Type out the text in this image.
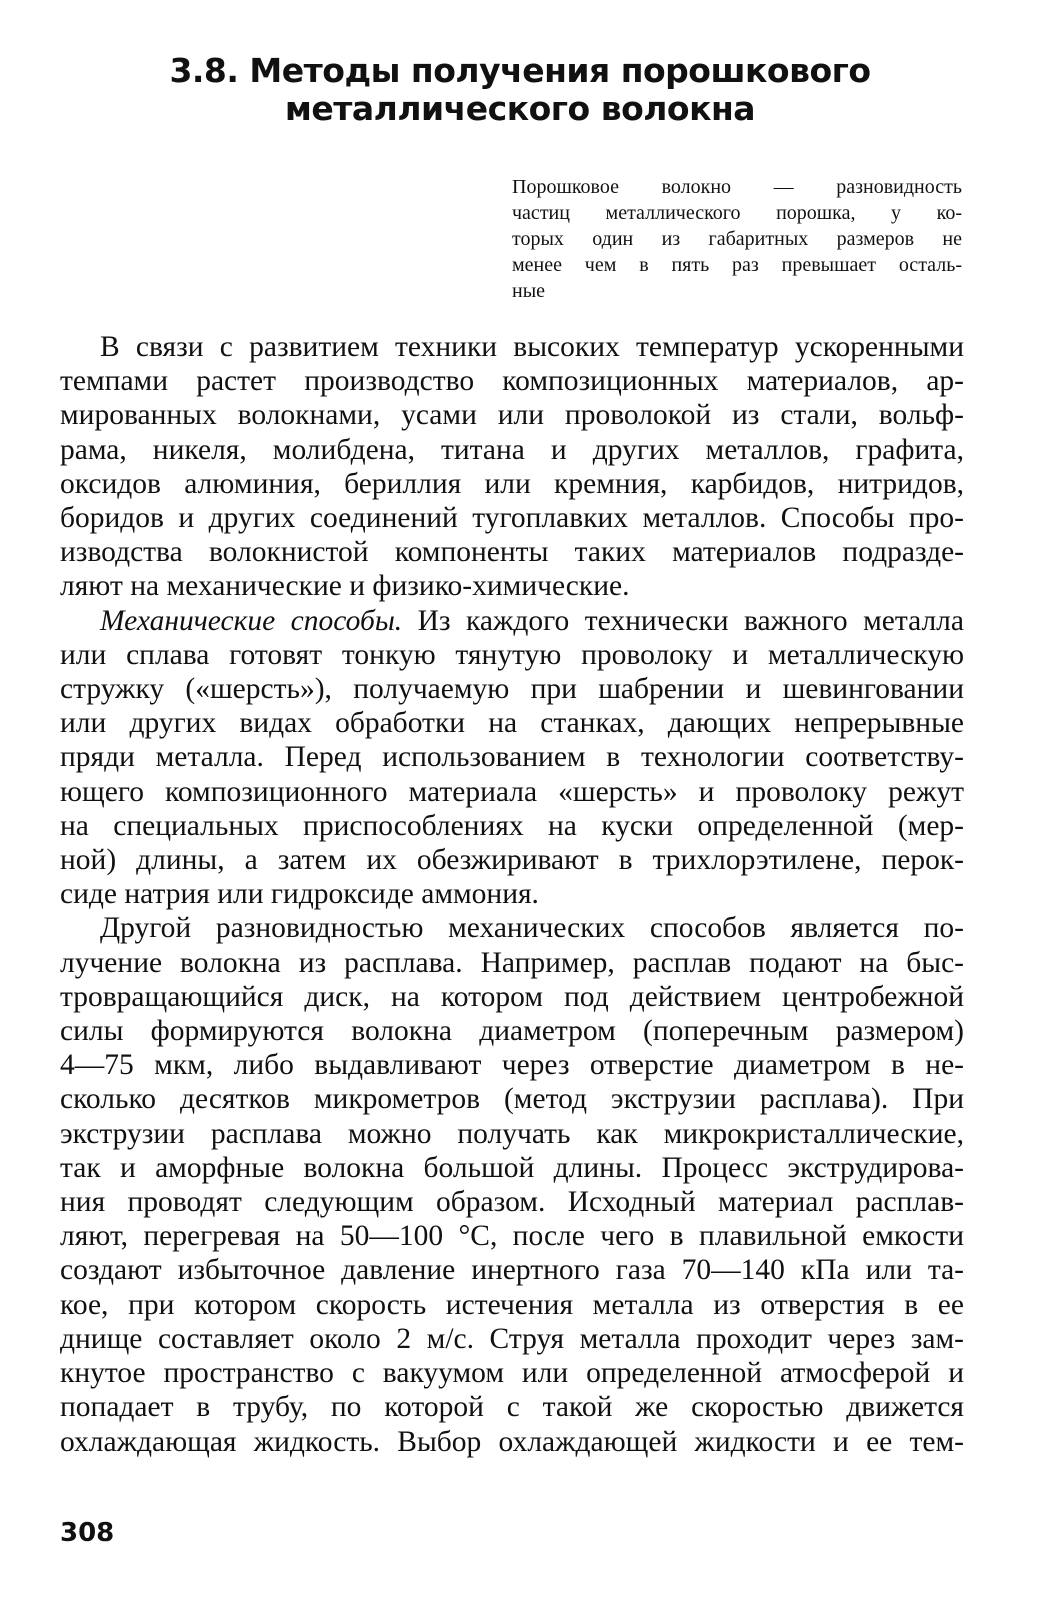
3.8. Методы получения порошкового
металлического волокна
Порошковое волокно — разновидность
частиц металлического порошка, у ко-
торых один из габаритных размеров не
менее чем в пять раз превышает осталь-
ные
В связи с развитием техники высоких температур ускоренными
темпами растет производство композиционных материалов, ар-
мированных волокнами, усами или проволокой из стали, вольф-
рама, никеля, молибдена, титана и других металлов, графита,
оксидов алюминия, бериллия или кремния, карбидов, нитридов,
боридов и других соединений тугоплавких металлов. Способы про-
изводства волокнистой компоненты таких материалов подразде-
ляют на механические и физико-химические.
Механические способы. Из каждого технически важного металла
или сплава готовят тонкую тянутую проволоку и металлическую
стружку («шерсть»), получаемую при шабрении и шевинговании
или других видах обработки на станках, дающих непрерывные
пряди металла. Перед использованием в технологии соответству-
ющего композиционного материала «шерсть» и проволоку режут
на специальных приспособлениях на куски определенной (мер-
ной) длины, а затем их обезжиривают в трихлорэтилене, перок-
сиде натрия или гидроксиде аммония.
Другой разновидностью механических способов является по-
лучение волокна из расплава. Например, расплав подают на быс-
тровращающийся диск, на котором под действием центробежной
силы формируются волокна диаметром (поперечным размером)
4—75 мкм, либо выдавливают через отверстие диаметром в не-
сколько десятков микрометров (метод экструзии расплава). При
экструзии расплава можно получать как микрокристаллические,
так и аморфные волокна большой длины. Процесс экструдирова-
ния проводят следующим образом. Исходный материал расплав-
ляют, перегревая на 50—100 °С, после чего в плавильной емкости
создают избыточное давление инертного газа 70—140 кПа или та-
кое, при котором скорость истечения металла из отверстия в ее
днище составляет около 2 м/с. Струя металла проходит через зам-
кнутое пространство с вакуумом или определенной атмосферой и
попадает в трубу, по которой с такой же скоростью движется
охлаждающая жидкость. Выбор охлаждающей жидкости и ее тем-
308
